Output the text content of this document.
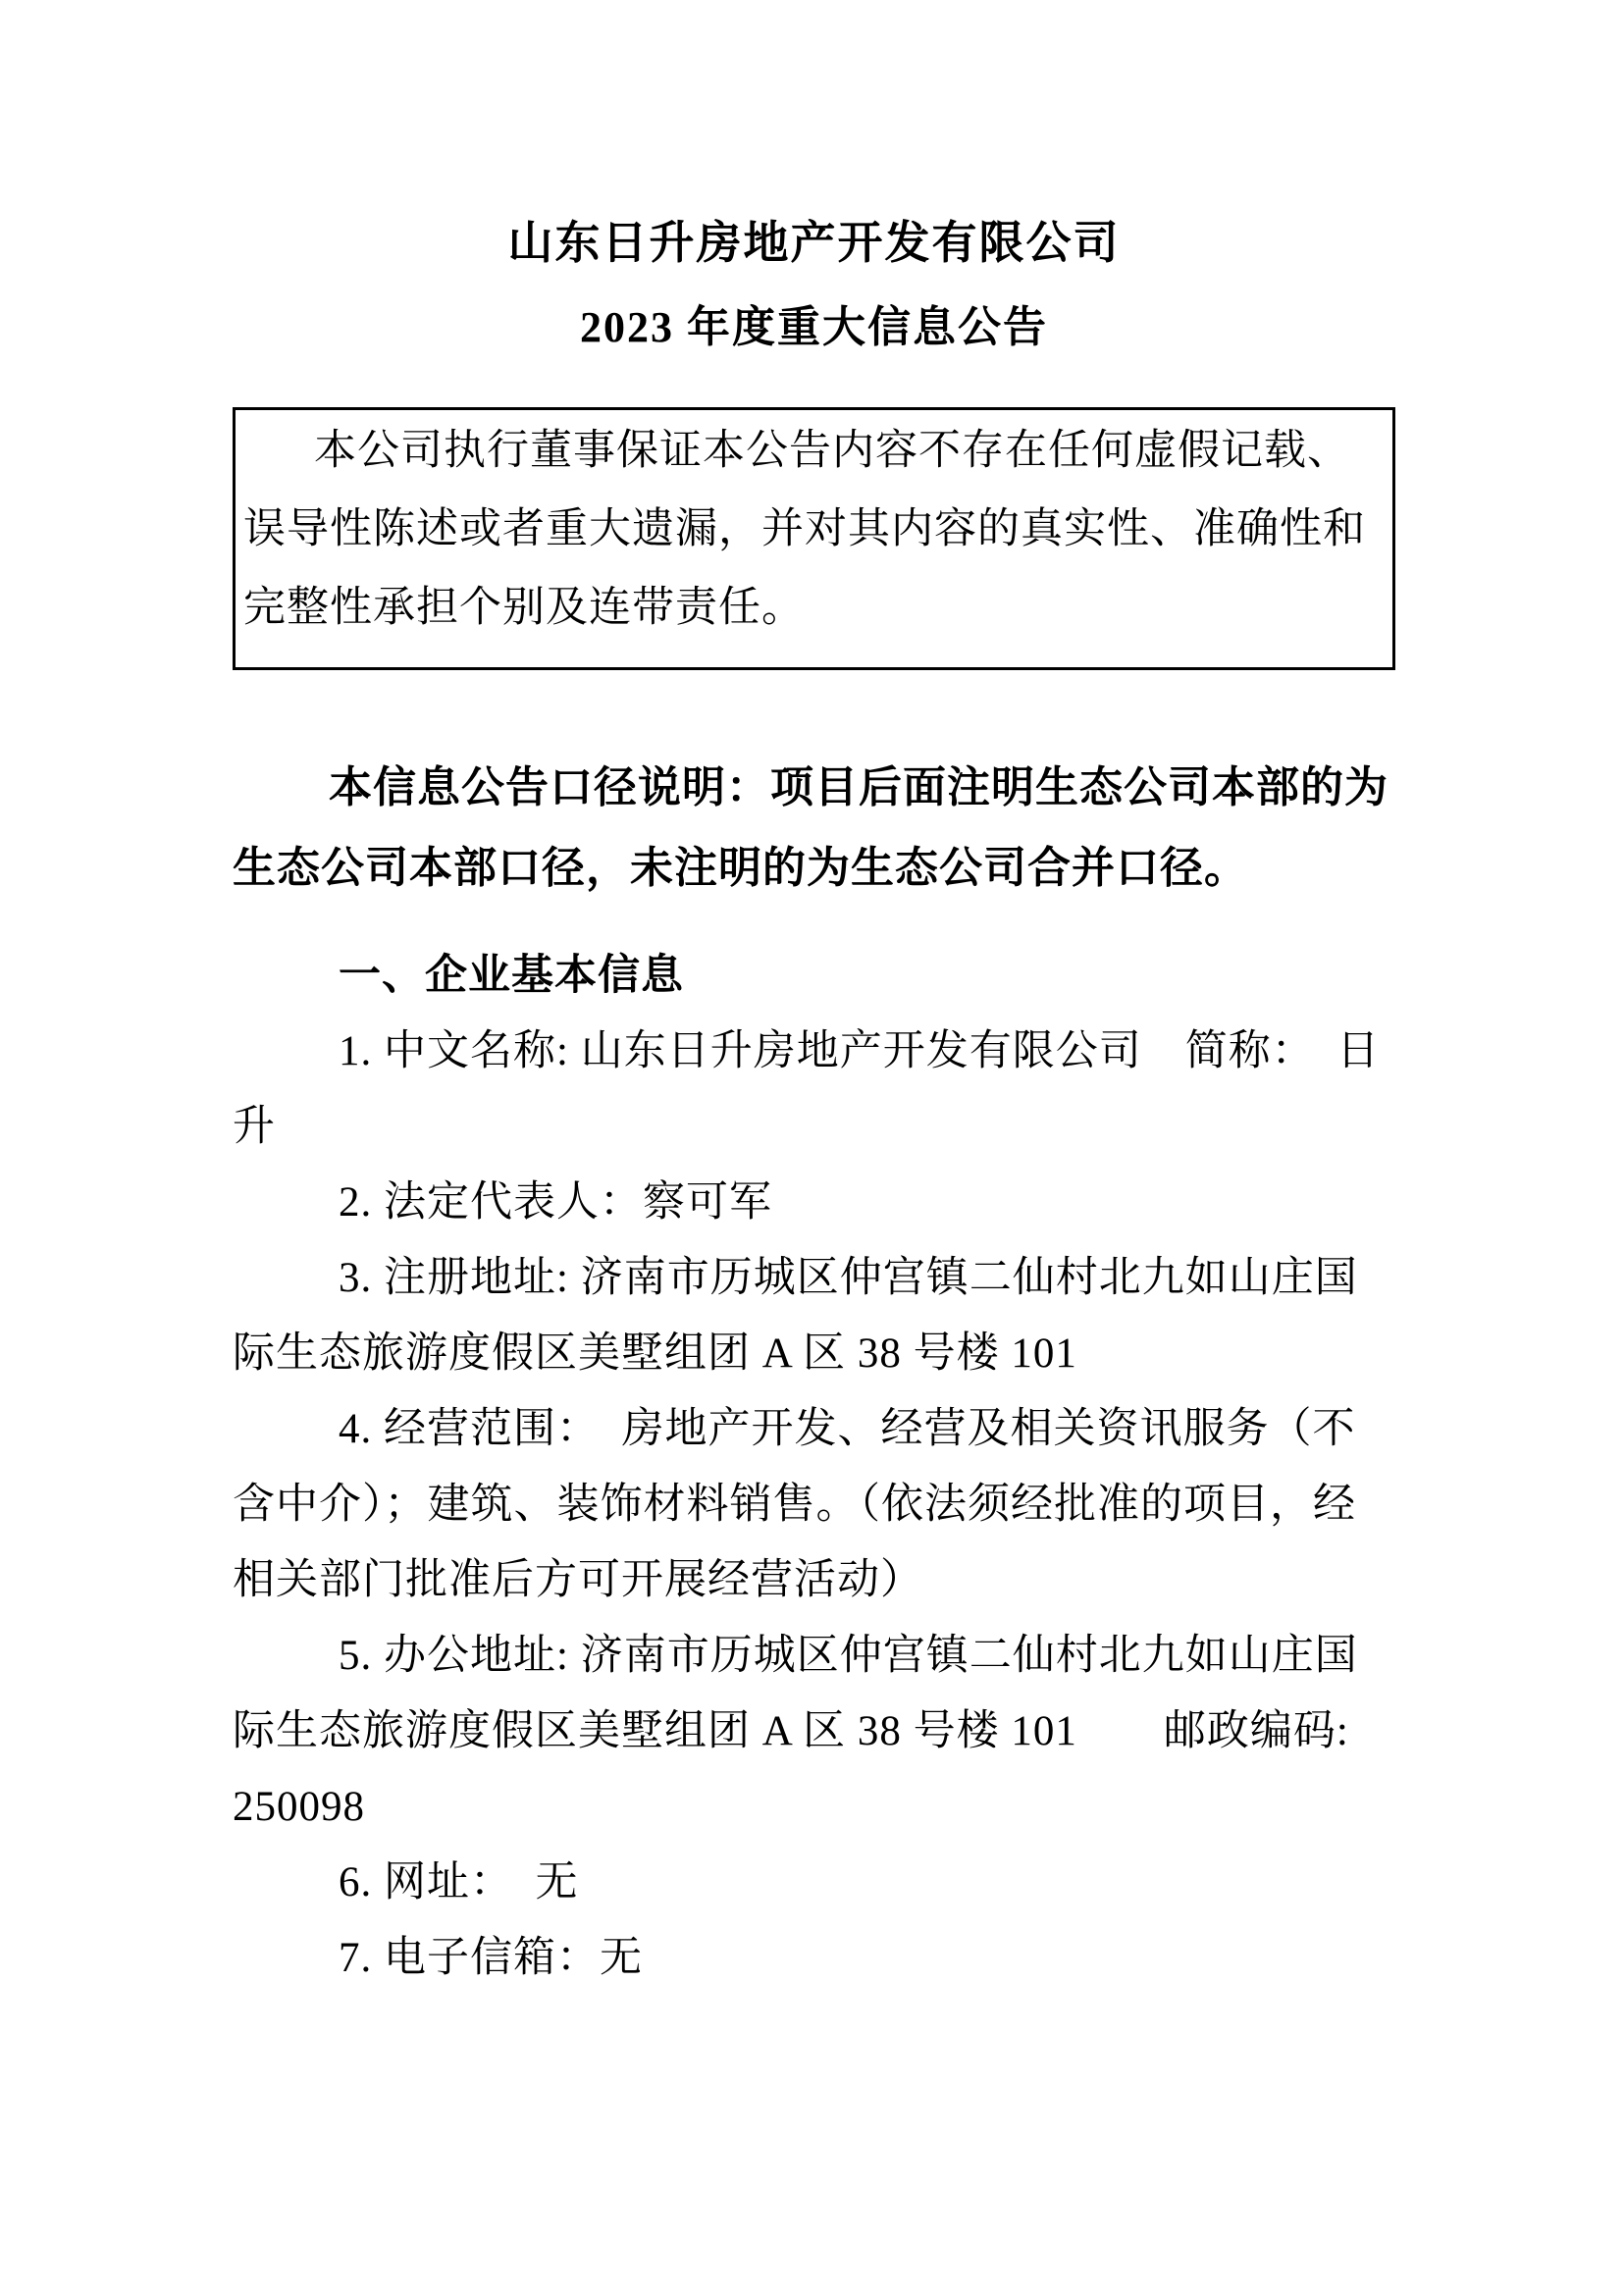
山东日升房地产开发有限公司
2023 年度重大信息公告
本公司执行董事保证本公告内容不存在任何虚假记载、
误导性陈述或者重大遗漏，并对其内容的真实性、准确性和
完整性承担个别及连带责任。
本信息公告口径说明：项目后面注明生态公司本部的为
生态公司本部口径，未注明的为生态公司合并口径。
一、企业基本信息
1. 中文名称: 山东日升房地产开发有限公司　简称：　日
升
2. 法定代表人：察可军
3. 注册地址: 济南市历城区仲宫镇二仙村北九如山庄国
际生态旅游度假区美墅组团 A 区 38 号楼 101
4. 经营范围：　房地产开发、经营及相关资讯服务（不
含中介）；建筑、装饰材料销售。（依法须经批准的项目，经
相关部门批准后方可开展经营活动）
5. 办公地址: 济南市历城区仲宫镇二仙村北九如山庄国
际生态旅游度假区美墅组团 A 区 38 号楼 101　　邮政编码:
250098
6. 网址：　无
7. 电子信箱：无
